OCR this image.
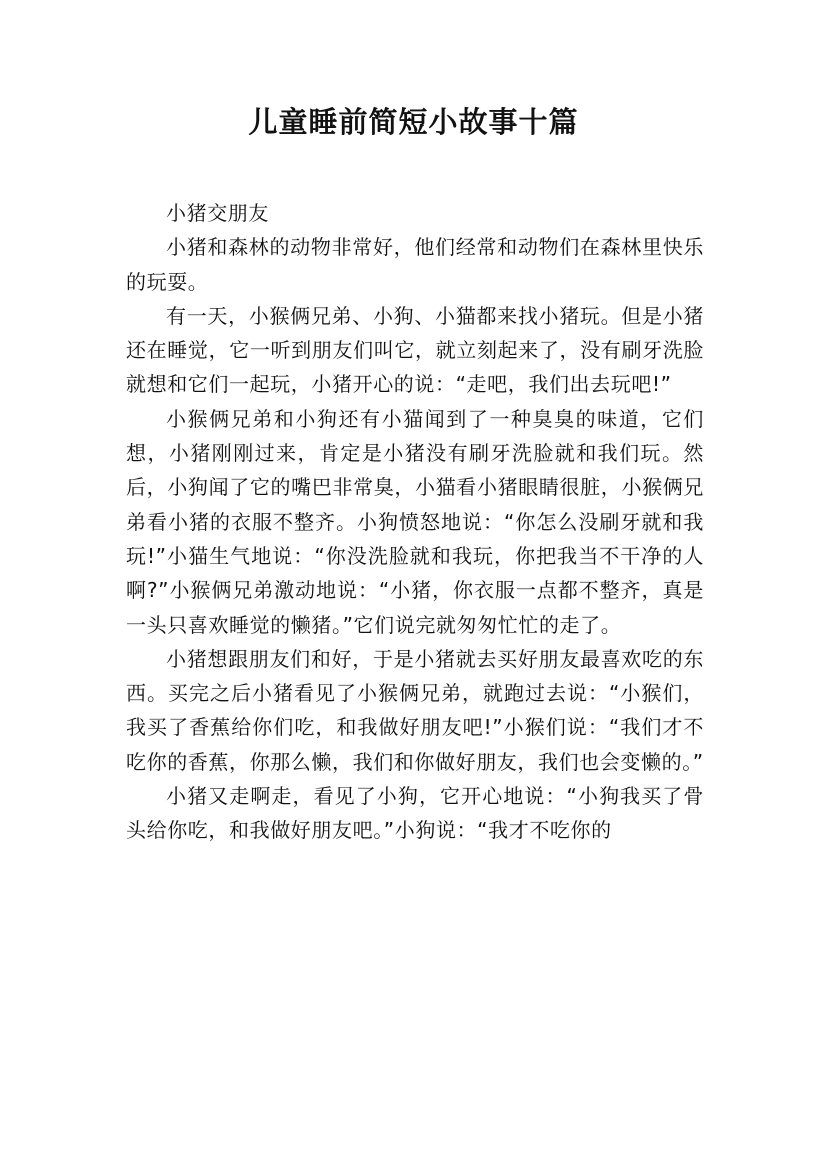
儿童睡前简短小故事十篇

小猪交朋友

小猪和森林的动物非常好，他们经常和动物们在森林里快乐的玩耍。

有一天，小猴俩兄弟、小狗、小猫都来找小猪玩。但是小猪还在睡觉，它一听到朋友们叫它，就立刻起来了，没有刷牙洗脸就想和它们一起玩，小猪开心的说：“走吧，我们出去玩吧!”

小猴俩兄弟和小狗还有小猫闻到了一种臭臭的味道，它们想，小猪刚刚过来，肯定是小猪没有刷牙洗脸就和我们玩。然后，小狗闻了它的嘴巴非常臭，小猫看小猪眼睛很脏，小猴俩兄弟看小猪的衣服不整齐。小狗愤怒地说：“你怎么没刷牙就和我玩!”小猫生气地说：“你没洗脸就和我玩，你把我当不干净的人啊?”小猴俩兄弟激动地说：“小猪，你衣服一点都不整齐，真是一头只喜欢睡觉的懒猪。”它们说完就匆匆忙忙的走了。

小猪想跟朋友们和好，于是小猪就去买好朋友最喜欢吃的东西。买完之后小猪看见了小猴俩兄弟，就跑过去说：“小猴们，我买了香蕉给你们吃，和我做好朋友吧!”小猴们说：“我们才不吃你的香蕉，你那么懒，我们和你做好朋友，我们也会变懒的。”

小猪又走啊走，看见了小狗，它开心地说：“小狗我买了骨头给你吃，和我做好朋友吧。”小狗说：“我才不吃你的
